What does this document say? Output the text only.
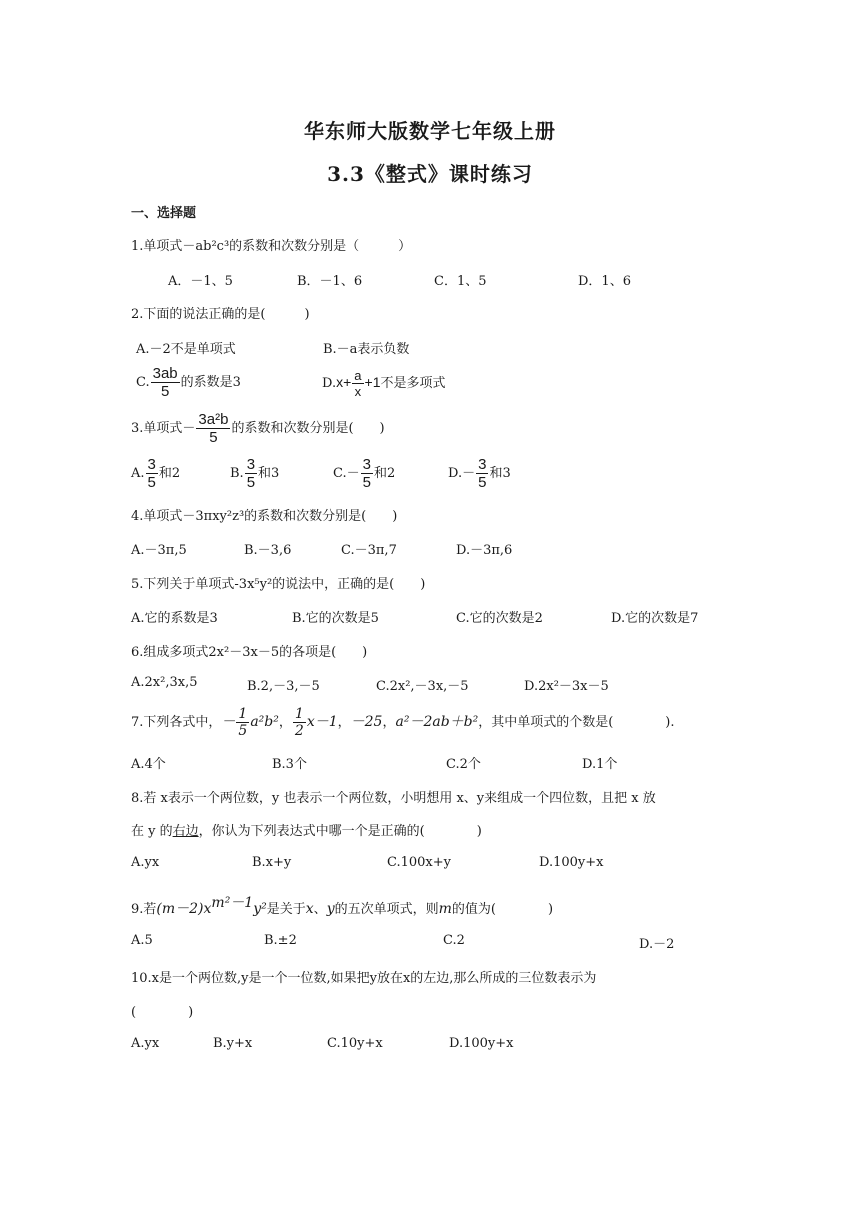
华东师大版数学七年级上册
3.3《整式》课时练习
一、选择题
1.单项式－ab²c³的系数和次数分别是（　　　）
A．－1、5	B．－1、6	C．1、5	D．1、6
2.下面的说法正确的是(　　　)
A.－2不是单项式	B.－a表示负数
C. $\frac{3ab}{5}$ 的系数是3	$D.x+ \frac{a}{x} +1$不是多项式
3.单项式－ $\frac{\text{3a²b}}{5}$ 的系数和次数分别是(　　)
A. $\frac{3}{5}$ 和2	B. $\frac{3}{5}$ 和3	$C.- \frac{3}{5}$ 和2	$D.- \frac{3}{5}$ 和3
4.单项式－3πxy²z³的系数和次数分别是(　　)
A.－3π,5	B.－3,6	C.－3π,7	D.－3π,6
5.下列关于单项式-3x⁵y²的说法中，正确的是(　　)
A.它的系数是3	B.它的次数是5	C.它的次数是2	D.它的次数是7
6.组成多项式2x²－3x－5的各项是(　　)
A.2x²,3x,5	B.2,－3,－5	C.2x²,－3x,－5	D.2x²－3x－5
7.下列各式中，－ $\frac{1}{5} a^2b^2$， $\frac{1}{2} x-1$，－25，a²－2ab＋b²，其中单项式的个数是(　　　　).
A.4个	B.3个	C.2个	D.1个
8.若 x表示一个两位数，y 也表示一个两位数，小明想用 x、y来组成一个四位数，且把 x 放
在 y 的右边，你认为下列表达式中哪一个是正确的(　　　　)
A.yx	B.x+y	C.100x+y	D.100y+x
9.若$(m-2)x^{m^2-1}y^2$是关于x、y的五次单项式，则m的值为(　　　　)
A.5	B.±2	C.2	D.－2
10.x是一个两位数,y是一个一位数,如果把y放在x的左边,那么所成的三位数表示为
(　　　　)
A.yx	B.y+x	C.10y+x	D.100y+x
